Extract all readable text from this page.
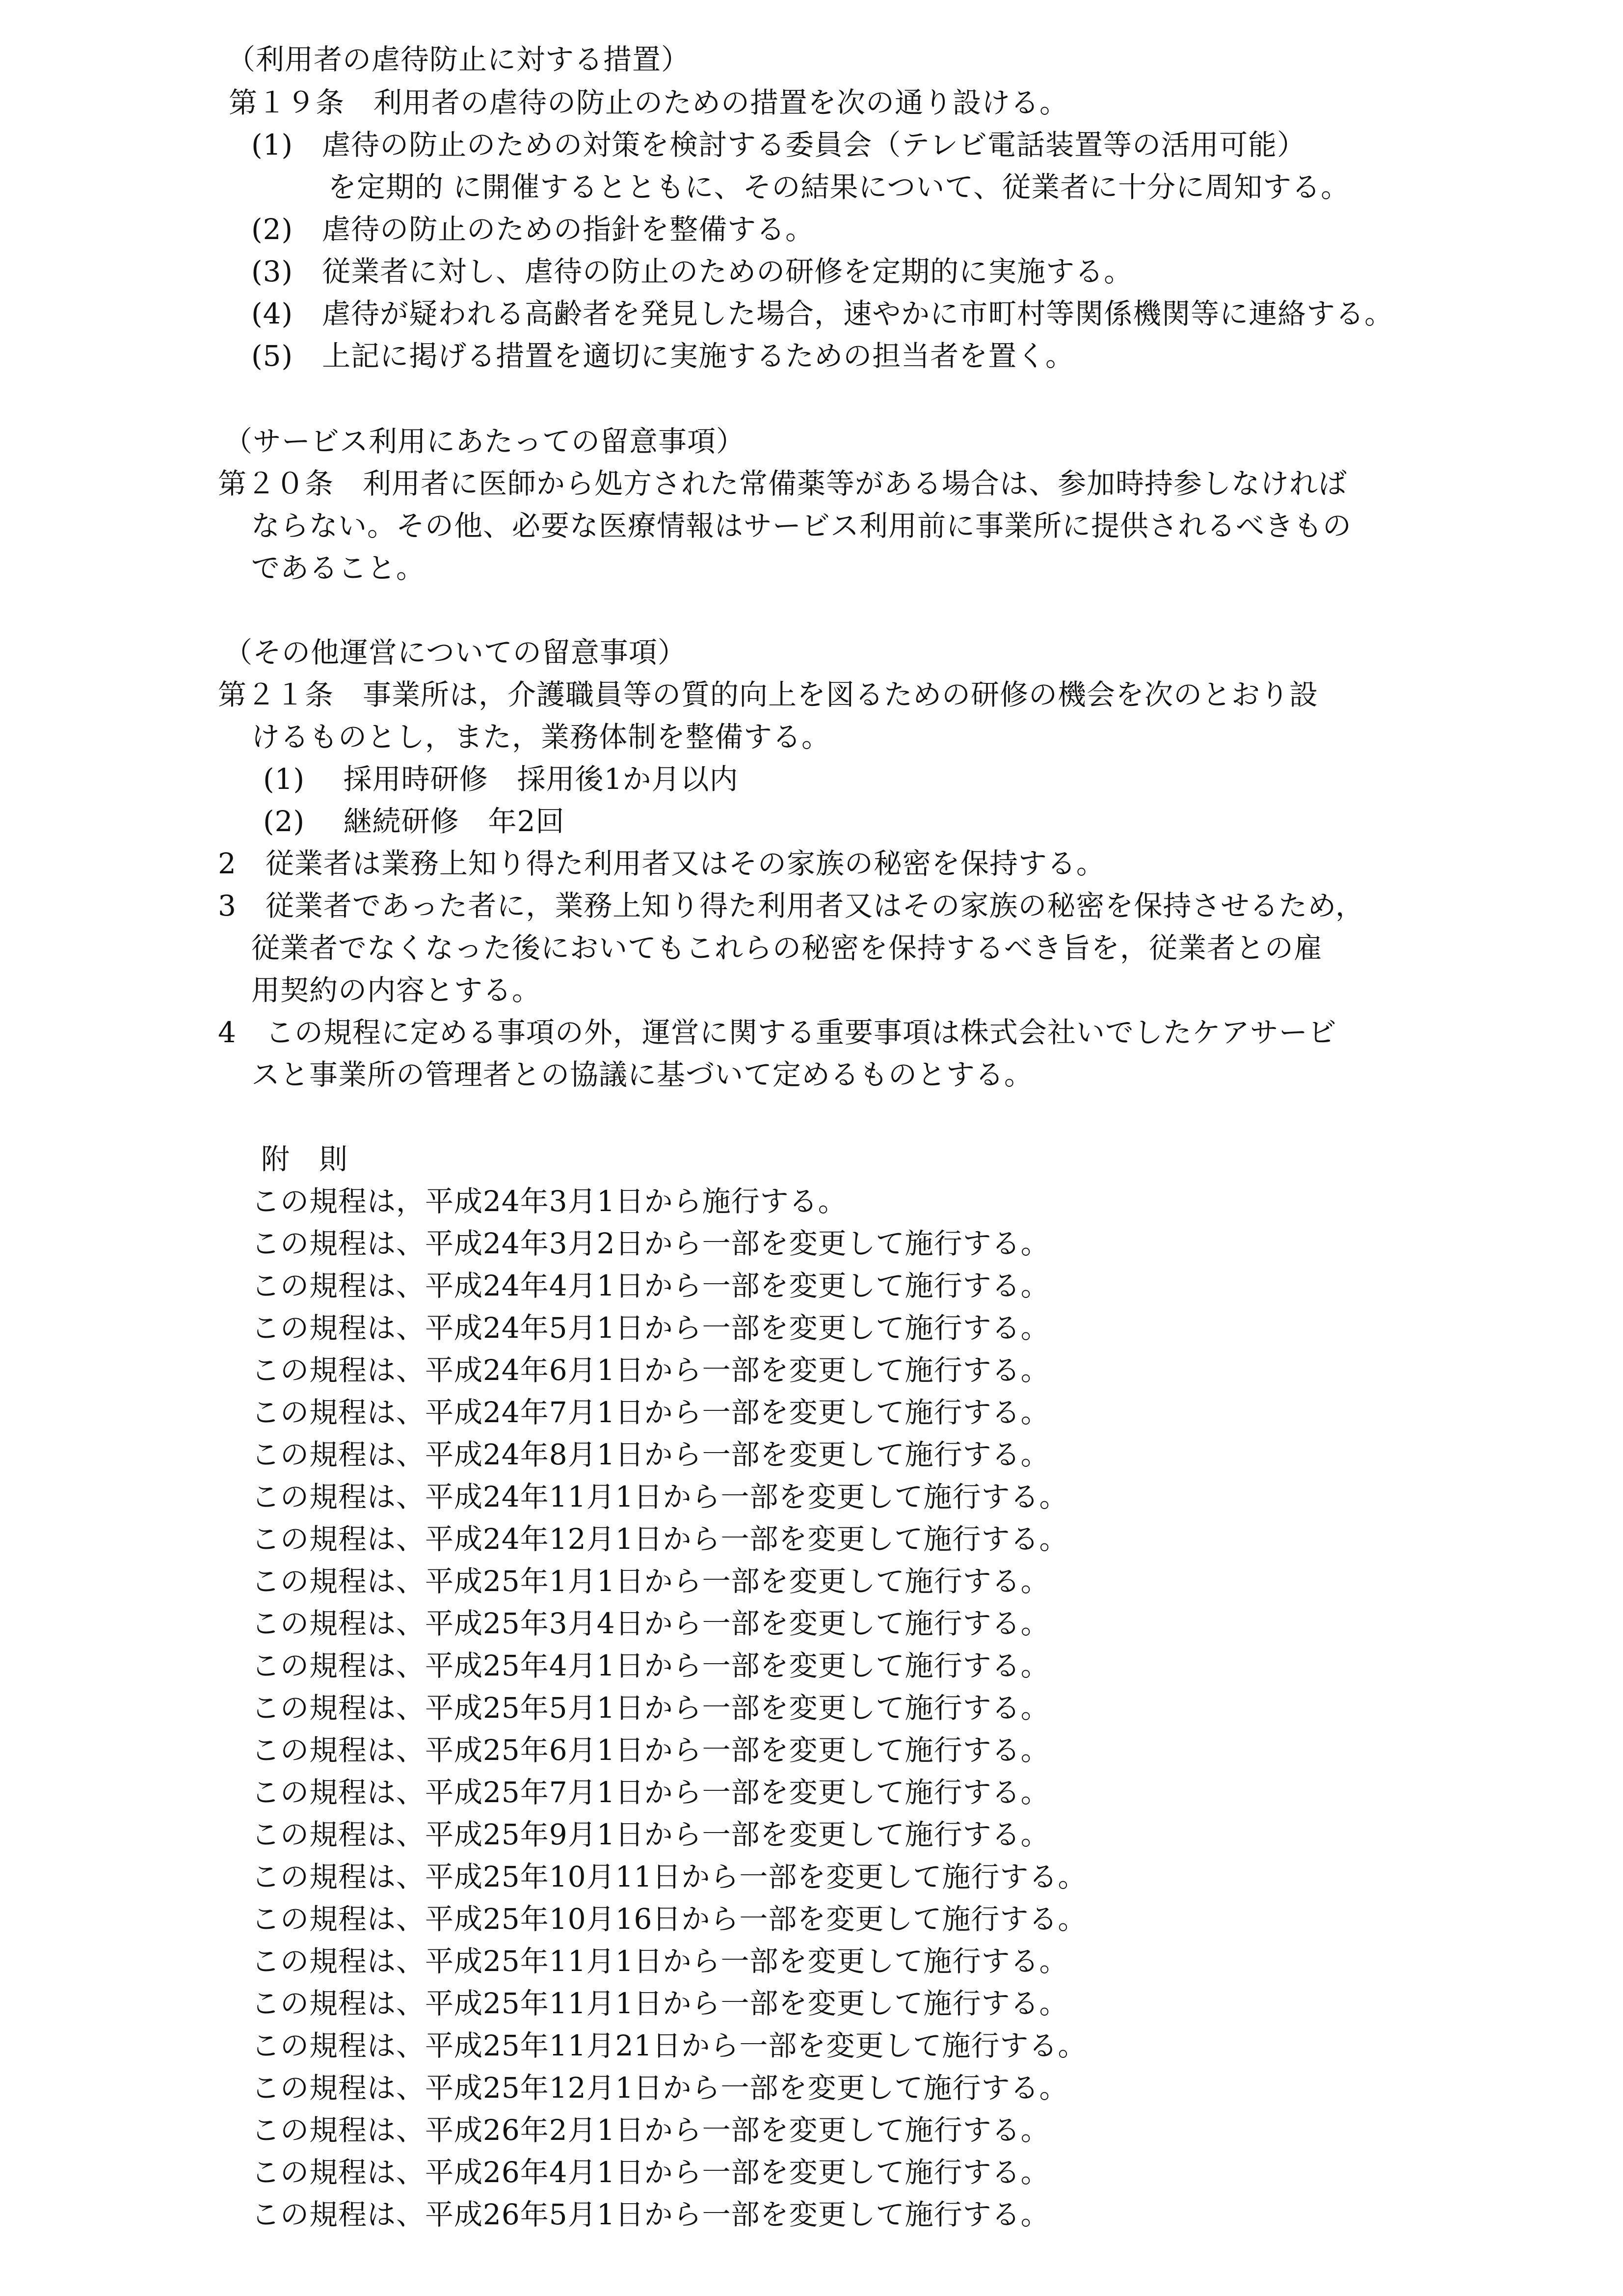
（利用者の虐待防止に対する措置）
第１９条　利用者の虐待の防止のための措置を次の通り設ける。
(1)　虐待の防止のための対策を検討する委員会（テレビ電話装置等の活用可能）
を定期的 に開催するとともに、その結果について、従業者に十分に周知する。
(2)　虐待の防止のための指針を整備する。
(3)　従業者に対し、虐待の防止のための研修を定期的に実施する。
(4)　虐待が疑われる高齢者を発見した場合，速やかに市町村等関係機関等に連絡する。
(5)　上記に掲げる措置を適切に実施するための担当者を置く。
（サービス利用にあたっての留意事項）
第２０条　利用者に医師から処方された常備薬等がある場合は、参加時持参しなければ
ならない。その他、必要な医療情報はサービス利用前に事業所に提供されるべきもの
であること。
（その他運営についての留意事項）
第２１条　事業所は，介護職員等の質的向上を図るための研修の機会を次のとおり設
けるものとし，また，業務体制を整備する。
(1)　 採用時研修　採用後1か月以内
(2)　 継続研修　年2回
2　従業者は業務上知り得た利用者又はその家族の秘密を保持する。
3　従業者であった者に，業務上知り得た利用者又はその家族の秘密を保持させるため，
従業者でなくなった後においてもこれらの秘密を保持するべき旨を，従業者との雇
用契約の内容とする。
4　この規程に定める事項の外，運営に関する重要事項は株式会社いでしたケアサービ
スと事業所の管理者との協議に基づいて定めるものとする。
附　則
この規程は，平成24年3月1日から施行する。
この規程は、平成24年3月2日から一部を変更して施行する。
この規程は、平成24年4月1日から一部を変更して施行する。
この規程は、平成24年5月1日から一部を変更して施行する。
この規程は、平成24年6月1日から一部を変更して施行する。
この規程は、平成24年7月1日から一部を変更して施行する。
この規程は、平成24年8月1日から一部を変更して施行する。
この規程は、平成24年11月1日から一部を変更して施行する。
この規程は、平成24年12月1日から一部を変更して施行する。
この規程は、平成25年1月1日から一部を変更して施行する。
この規程は、平成25年3月4日から一部を変更して施行する。
この規程は、平成25年4月1日から一部を変更して施行する。
この規程は、平成25年5月1日から一部を変更して施行する。
この規程は、平成25年6月1日から一部を変更して施行する。
この規程は、平成25年7月1日から一部を変更して施行する。
この規程は、平成25年9月1日から一部を変更して施行する。
この規程は、平成25年10月11日から一部を変更して施行する。
この規程は、平成25年10月16日から一部を変更して施行する。
この規程は、平成25年11月1日から一部を変更して施行する。
この規程は、平成25年11月1日から一部を変更して施行する。
この規程は、平成25年11月21日から一部を変更して施行する。
この規程は、平成25年12月1日から一部を変更して施行する。
この規程は、平成26年2月1日から一部を変更して施行する。
この規程は、平成26年4月1日から一部を変更して施行する。
この規程は、平成26年5月1日から一部を変更して施行する。
